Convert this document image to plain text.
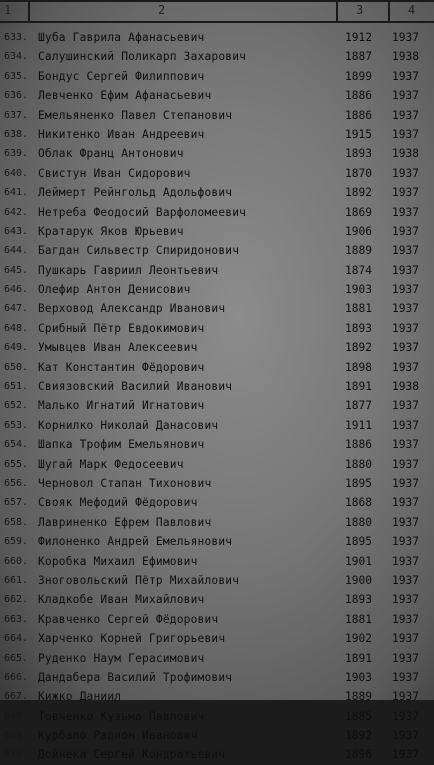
1	2	3	4
633. Шуба Гаврила Афанасьевич	1912	1937
634. Салушинский Поликарп Захарович	1887	1938
635. Бондус Сергей Филиппович	1899	1937
636. Левченко Ефим Афанасьевич	1886	1937
637. Емельяненко Павел Степанович	1886	1937
638. Никитенко Иван Андреевич	1915	1937
639. Облак Франц Антонович	1893	1938
640. Свистун Иван Сидорович	1870	1937
641. Леймерт Рейнгольд Адольфович	1892	1937
642. Нетреба Феодосий Варфоломеевич	1869	1937
643. Кратарук Яков Юрьевич	1906	1937
644. Багдан Сильвестр Спиридонович	1889	1937
645. Пушкарь Гавриил Леонтьевич	1874	1937
646. Олефир Антон Денисович	1903	1937
647. Верховод Александр Иванович	1881	1937
648. Срибный Пётр Евдокимович	1893	1937
649. Умывцев Иван Алексеевич	1892	1937
650. Кат Константин Фёдорович	1898	1937
651. Свиязовский Василий Иванович	1891	1938
652. Малько Игнатий Игнатович	1877	1937
653. Корнилко Николай Данасович	1911	1937
654. Шапка Трофим Емельянович	1886	1937
655. Шугай Марк Федосеевич	1880	1937
656. Черновол Стапан Тихонович	1895	1937
657. Свояк Мефодий Фёдорович	1868	1937
658. Лавриненко Ефрем Павлович	1880	1937
659. Филоненко Андрей Емельянович	1895	1937
660. Коробка Михаил Ефимович	1901	1937
661. Зноговольский Пётр Михайлович	1900	1937
662. Кладкобе Иван Михайлович	1893	1937
663. Кравченко Сергей Фёдорович	1881	1937
664. Харченко Корней Григорьевич	1902	1937
665. Руденко Наум Герасимович	1891	1937
666. Дандабера Василий Трофимович	1903	1937
667. Кижко Даниил	1889	1937
668. Товченко Кузьма Павлович	1885	1937
669. Курбало Радион Иванович	1892	1937
670. Дойнека Сергей Кондратьевич	1896	1937
